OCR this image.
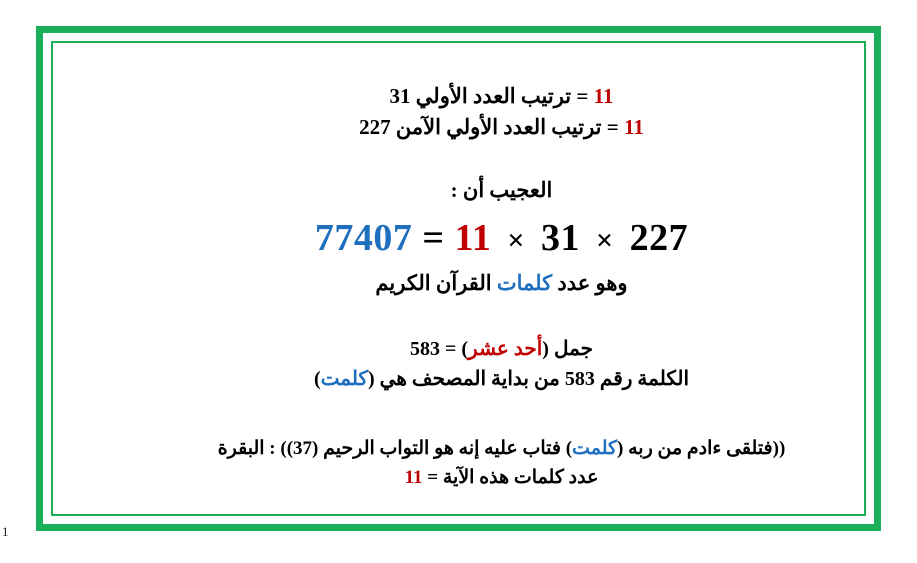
11 = ترتيب العدد الأولي 31
11 = ترتيب العدد الأولي الآمن 227
العجيب أن :
77407 = 11 × 31 × 227
وهو عدد كلمات القرآن الكريم
جمل (أحد عشر) = 583
الكلمة رقم 583 من بداية المصحف هي (كلمت)
((فتلقى ءادم من ربه (كلمت) فتاب عليه إنه هو التواب الرحيم (37)) : البقرة
عدد كلمات هذه الآية = 11
1
